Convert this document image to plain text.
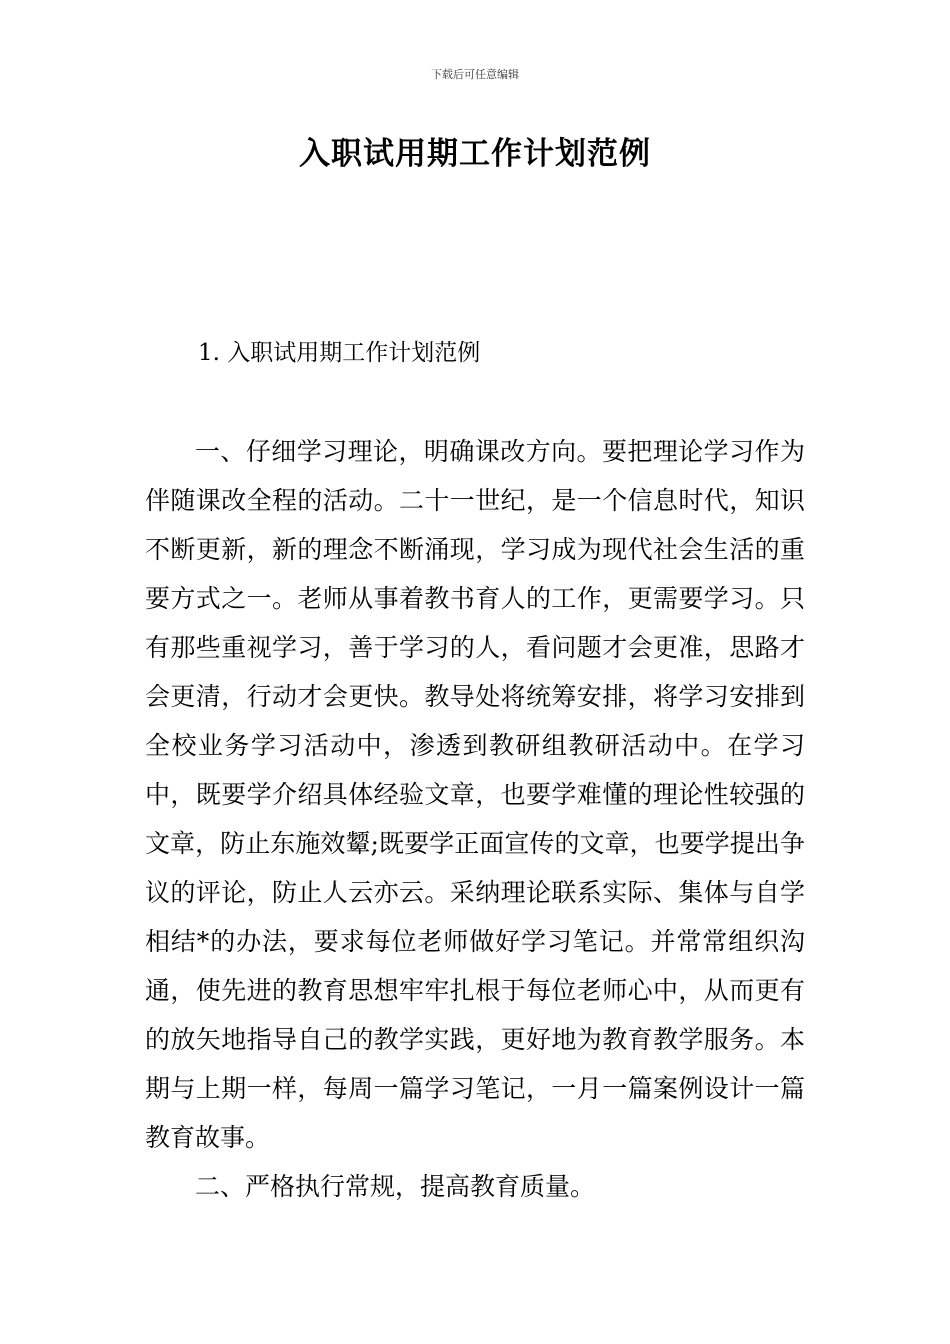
下载后可任意编辑
入职试用期工作计划范例

1. 入职试用期工作计划范例

一、仔细学习理论，明确课改方向。要把理论学习作为伴随课改全程的活动。二十一世纪，是一个信息时代，知识不断更新，新的理念不断涌现，学习成为现代社会生活的重要方式之一。老师从事着教书育人的工作，更需要学习。只有那些重视学习，善于学习的人，看问题才会更准，思路才会更清，行动才会更快。教导处将统筹安排，将学习安排到全校业务学习活动中，渗透到教研组教研活动中。在学习中，既要学介绍具体经验文章，也要学难懂的理论性较强的文章，防止东施效颦;既要学正面宣传的文章，也要学提出争议的评论，防止人云亦云。采纳理论联系实际、集体与自学相结*的办法，要求每位老师做好学习笔记。并常常组织沟通，使先进的教育思想牢牢扎根于每位老师心中，从而更有的放矢地指导自己的教学实践，更好地为教育教学服务。本期与上期一样，每周一篇学习笔记，一月一篇案例设计一篇教育故事。

二、严格执行常规，提高教育质量。
